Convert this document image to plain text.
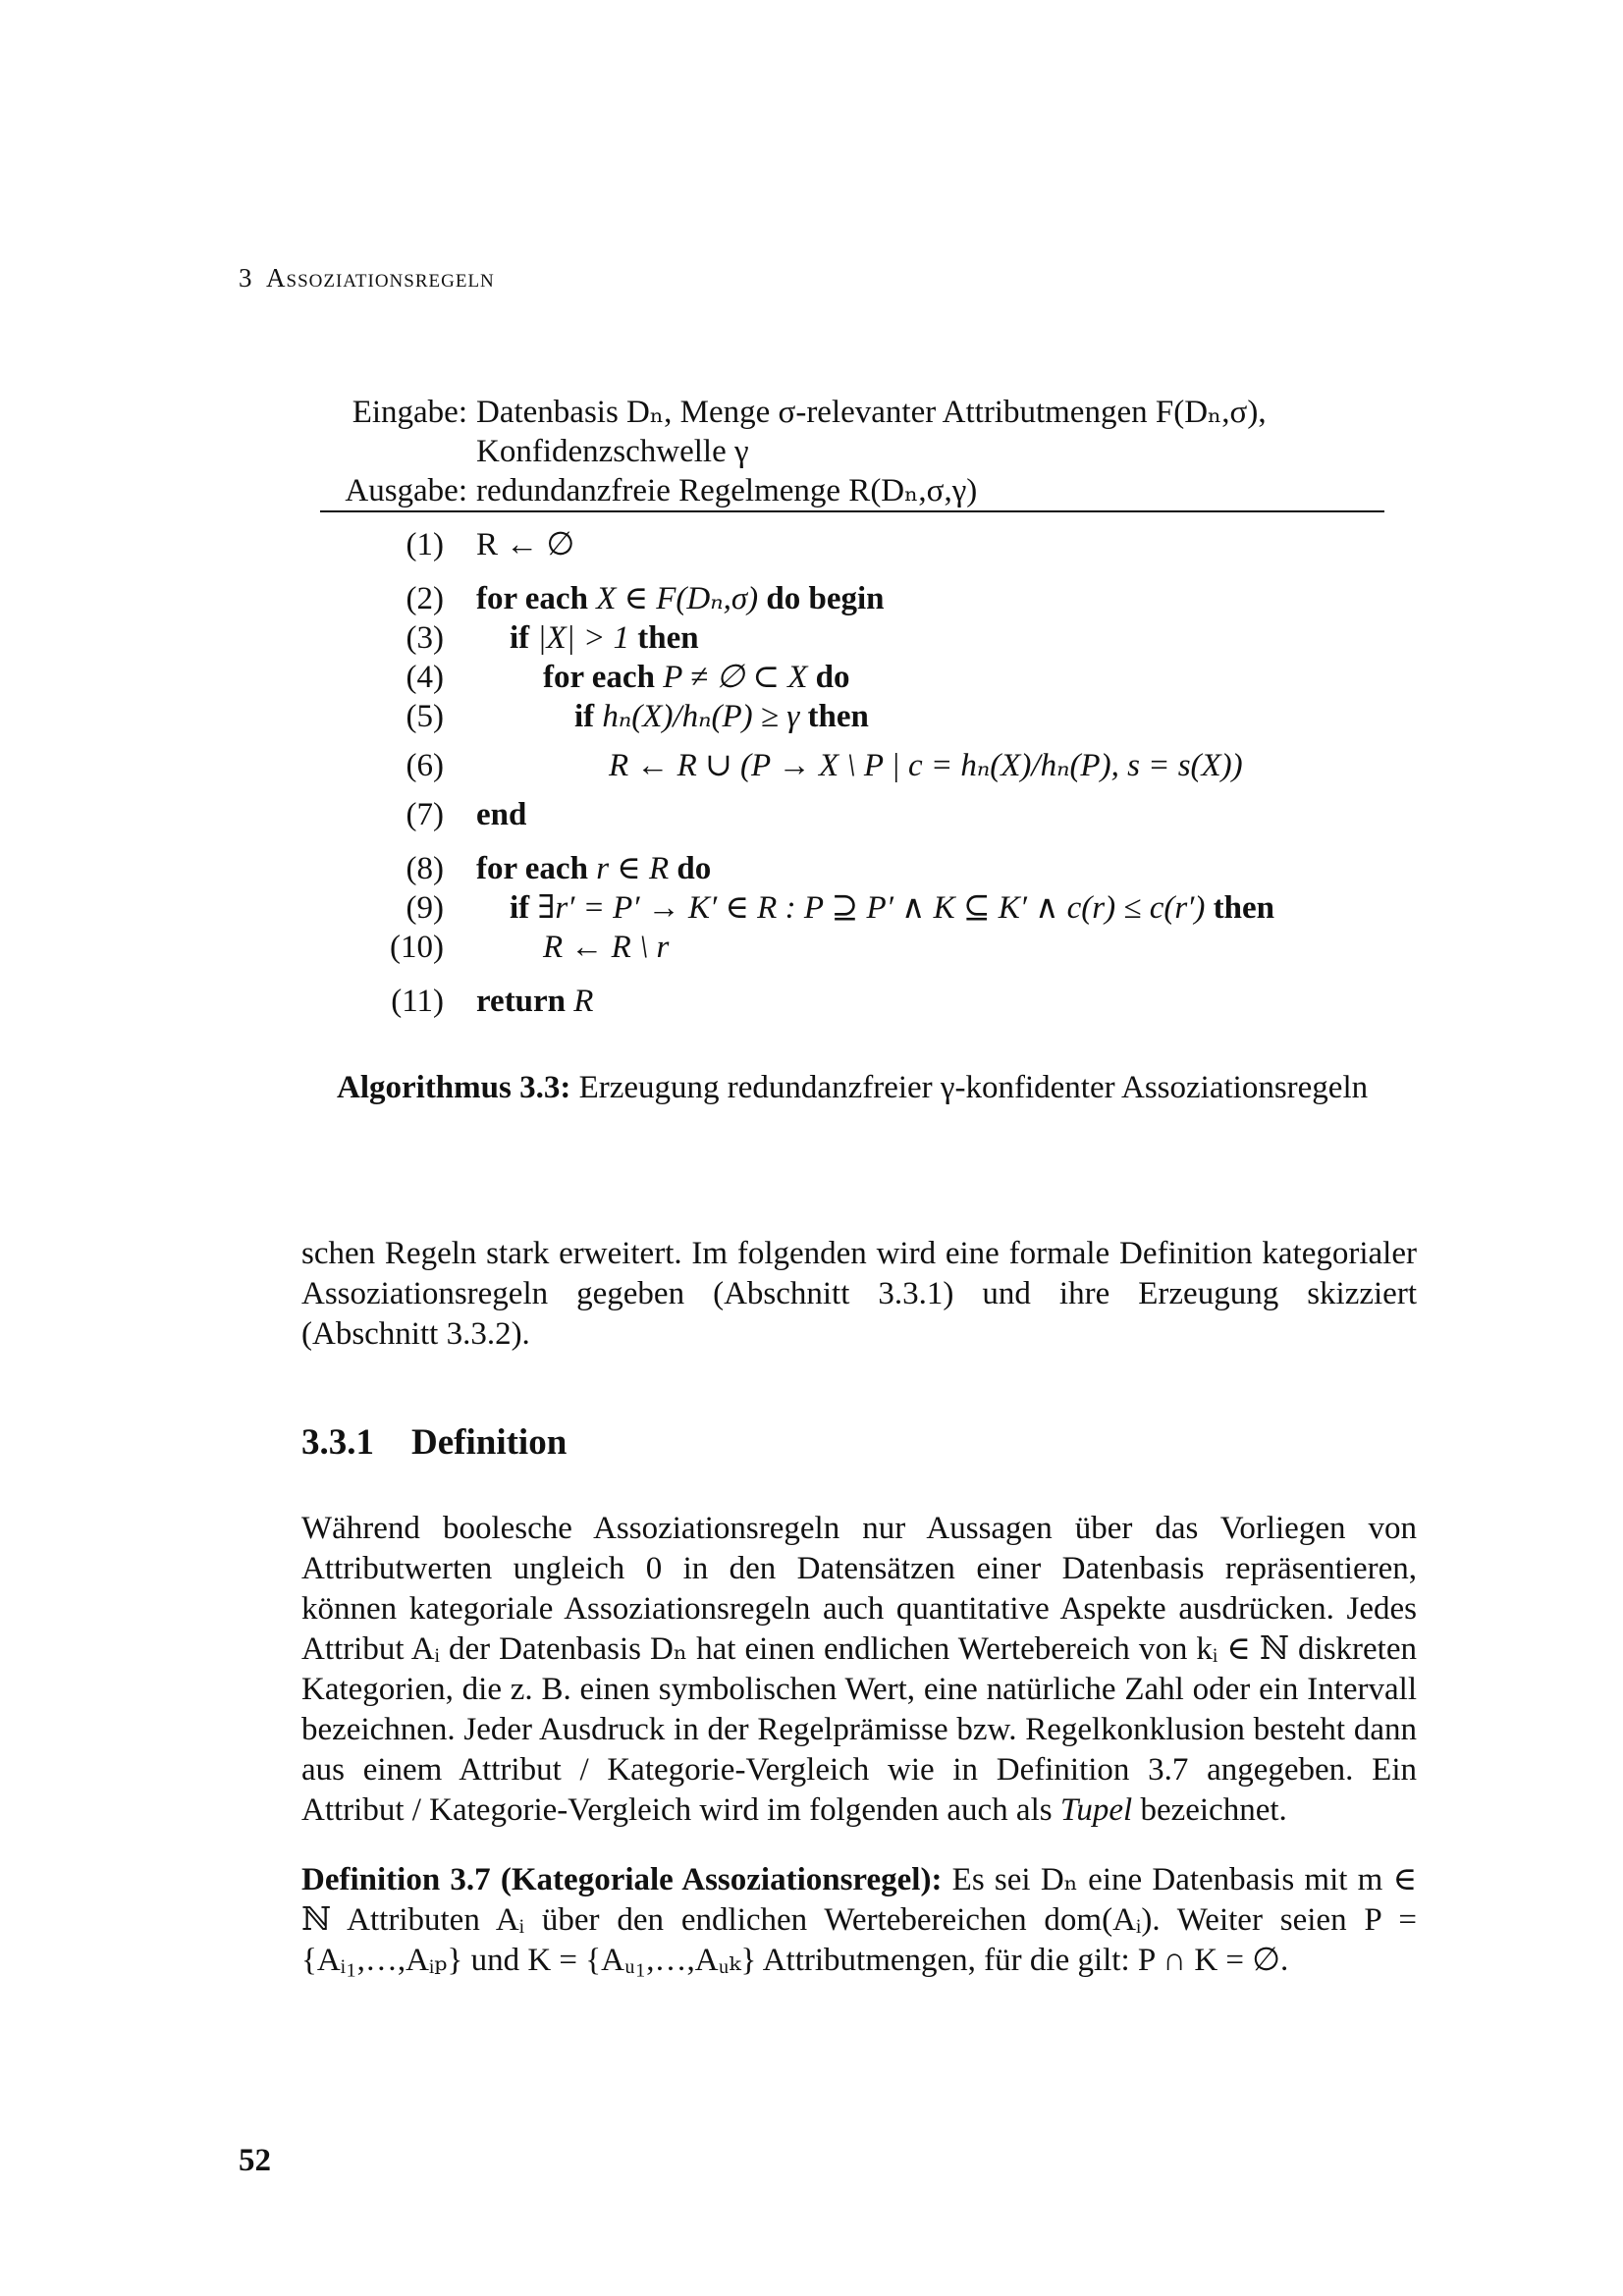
3 Assoziationsregeln
Eingabe: Datenbasis Dₙ, Menge σ-relevanter Attributmengen F(Dₙ,σ), Konfidenzschwelle γ
Ausgabe: redundanzfreie Regelmenge R(Dₙ,σ,γ)
(1) R ← ∅
(2) for each X ∈ F(Dₙ,σ) do begin
(3)	if |X| > 1 then
(4)	for each P ≠ ∅ ⊂ X do
(5)	if hₙ(X)/hₙ(P) ≥ γ then
(6)	R ← R ∪ (P → X \ P | c = hₙ(X)/hₙ(P), s = s(X))
(7) end
(8) for each r ∈ R do
(9)	if ∃r′ = P′ → K′ ∈ R : P ⊇ P′ ∧ K ⊆ K′ ∧ c(r) ≤ c(r′) then
(10)	R ← R \ r
(11) return R
Algorithmus 3.3: Erzeugung redundanzfreier γ-konfidenter Assoziationsregeln
schen Regeln stark erweitert. Im folgenden wird eine formale Definition kategorialer Assoziationsregeln gegeben (Abschnitt 3.3.1) und ihre Erzeugung skizziert (Abschnitt 3.3.2).
3.3.1 Definition
Während boolesche Assoziationsregeln nur Aussagen über das Vorliegen von Attributwerten ungleich 0 in den Datensätzen einer Datenbasis repräsentieren, können kategoriale Assoziationsregeln auch quantitative Aspekte ausdrücken. Jedes Attribut Aᵢ der Datenbasis Dₙ hat einen endlichen Wertebereich von kᵢ ∈ ℕ diskreten Kategorien, die z. B. einen symbolischen Wert, eine natürliche Zahl oder ein Intervall bezeichnen. Jeder Ausdruck in der Regelprämisse bzw. Regelkonklusion besteht dann aus einem Attribut / Kategorie-Vergleich wie in Definition 3.7 angegeben. Ein Attribut / Kategorie-Vergleich wird im folgenden auch als Tupel bezeichnet.
Definition 3.7 (Kategoriale Assoziationsregel): Es sei Dₙ eine Datenbasis mit m ∈ ℕ Attributen Aᵢ über den endlichen Wertebereichen dom(Aᵢ). Weiter seien P = {Aᵢ₁,…,Aᵢₚ} und K = {Aᵤ₁,…,Aᵤₖ} Attributmengen, für die gilt: P ∩ K = ∅.
52
